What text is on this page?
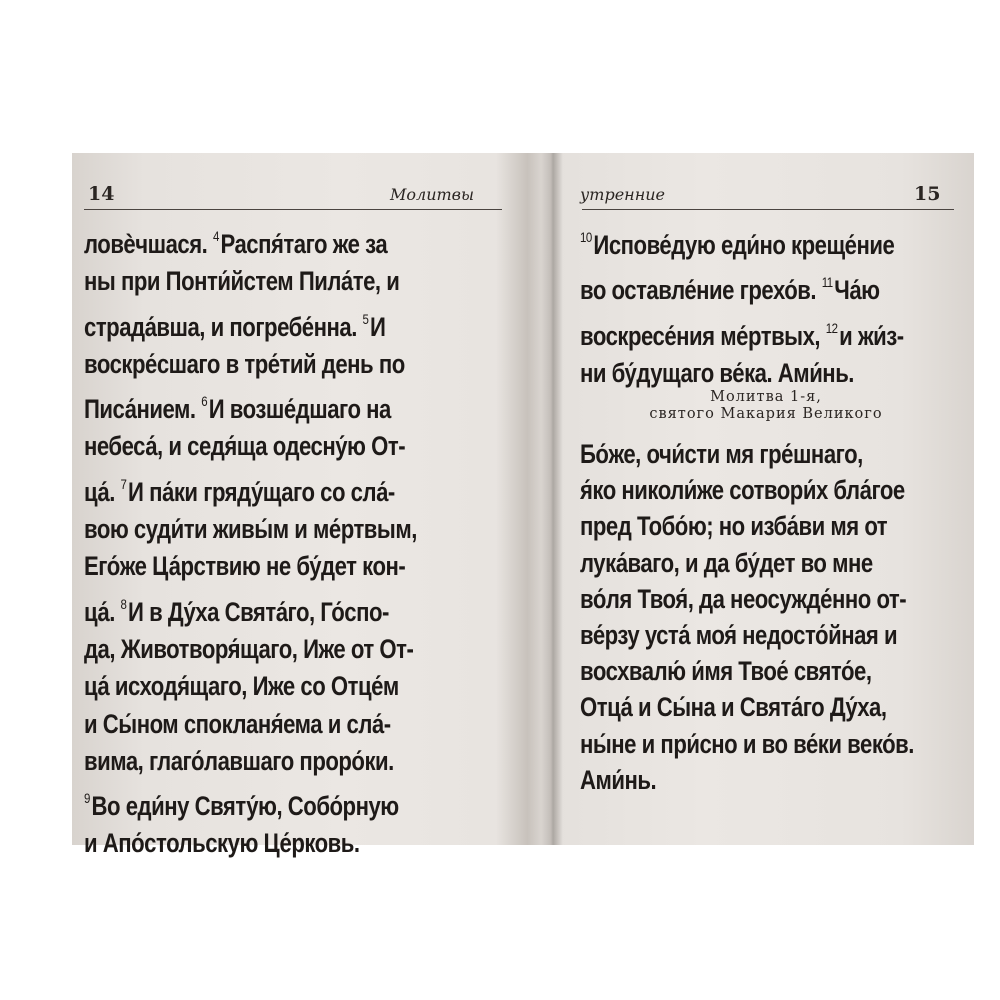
14	Молитвы
ловèчшася. $^4$Распя́таго же за
ны при Понти́йстем Пила́те, и
страда́вша, и погребе́нна. $^5$И
воскре́сшаго в тре́тий день по
Писа́нием. $^6$И возше́дшаго на
небеса́, и седя́ща одесну́ю От-
ца́. $^7$И па́ки гряду́щаго со сла́-
вою суди́ти живы́м и ме́ртвым,
Его́же Ца́рствию не бу́дет кон-
ца́. $^8$И в Ду́ха Свята́го, Го́спо-
да, Животворя́щаго, Иже от От-
ца́ исходя́щаго, Иже со Отце́м
и Сы́ном спокланя́ема и сла́-
вима, глаго́лавшаго проро́ки.
$^9$Во еди́ну Святу́ю, Собо́рную
и Апо́стольскую Це́рковь.
утренние	15
$^{10}$Испове́дую еди́но креще́ние
во оставле́ние грехо́в. $^{11}$Ча́ю
воскресе́ния ме́ртвых, $^{12}$и жи́з-
ни бу́дущаго ве́ка. Ами́нь.
Молитва 1-я,
святого Макария Великого
Бо́же, очи́сти мя гре́шнаго,
я́ко николи́же сотвори́х бла́гое
пред Тобо́ю; но изба́ви мя от
лука́ваго, и да бу́дет во мне
во́ля Твоя́, да неосужде́нно от-
ве́рзу уста́ моя́ недосто́йная и
восхвалю́ и́мя Твое́ свято́е,
Отца́ и Сы́на и Свята́го Ду́ха,
ны́не и при́сно и во ве́ки веко́в.
Ами́нь.
